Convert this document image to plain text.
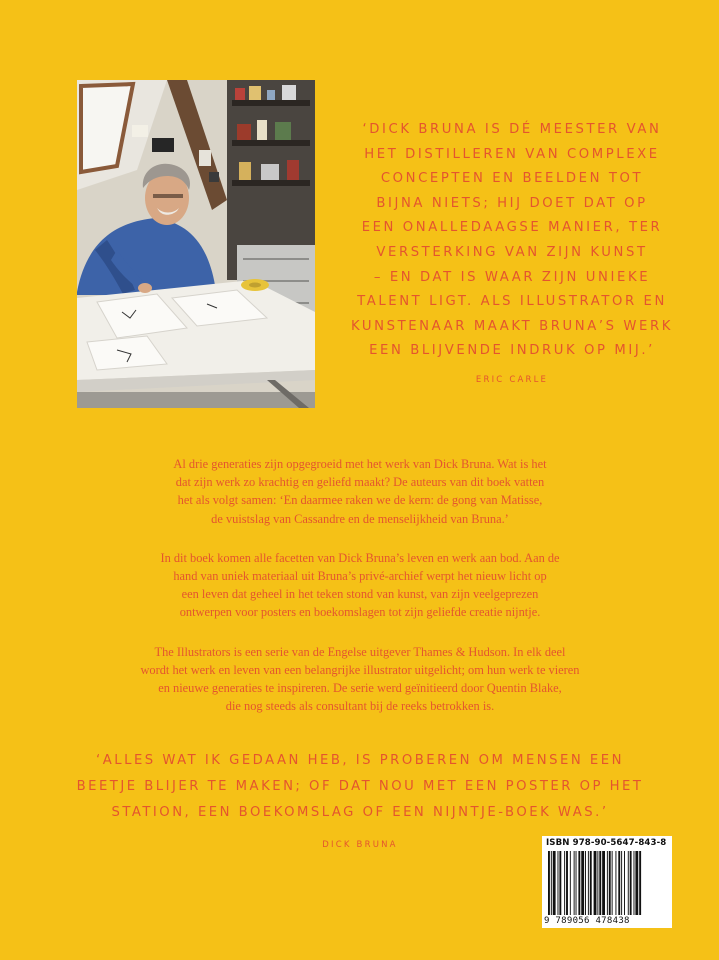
‘DICK BRUNA IS DÉ MEESTER VAN
HET DISTILLEREN VAN COMPLEXE
CONCEPTEN EN BEELDEN TOT
BIJNA NIETS; HIJ DOET DAT OP
EEN ONALLEDAAGSE MANIER, TER
VERSTERKING VAN ZIJN KUNST
– EN DAT IS WAAR ZIJN UNIEKE
TALENT LIGT. ALS ILLUSTRATOR EN
KUNSTENAAR MAAKT BRUNA’S WERK
EEN BLIJVENDE INDRUK OP MIJ.’
ERIC CARLE

Al drie generaties zijn opgegroeid met het werk van Dick Bruna. Wat is het
dat zijn werk zo krachtig en geliefd maakt? De auteurs van dit boek vatten
het als volgt samen: ‘En daarmee raken we de kern: de gong van Matisse,
de vuistslag van Cassandre en de menselijkheid van Bruna.’

In dit boek komen alle facetten van Dick Bruna’s leven en werk aan bod. Aan de
hand van uniek materiaal uit Bruna’s privé-archief werpt het nieuw licht op
een leven dat geheel in het teken stond van kunst, van zijn veelgeprezen
ontwerpen voor posters en boekomslagen tot zijn geliefde creatie nijntje.

The Illustrators is een serie van de Engelse uitgever Thames & Hudson. In elk deel
wordt het werk en leven van een belangrijke illustrator uitgelicht; om hun werk te vieren
en nieuwe generaties te inspireren. De serie werd geïnitieerd door Quentin Blake,
die nog steeds als consultant bij de reeks betrokken is.

‘ALLES WAT IK GEDAAN HEB, IS PROBEREN OM MENSEN EEN
BEETJE BLIJER TE MAKEN; OF DAT NOU MET EEN POSTER OP HET
STATION, EEN BOEKOMSLAG OF EEN NIJNTJE-BOEK WAS.’
DICK BRUNA	ISBN 978-90-5647-843-8
9 789056 478438
